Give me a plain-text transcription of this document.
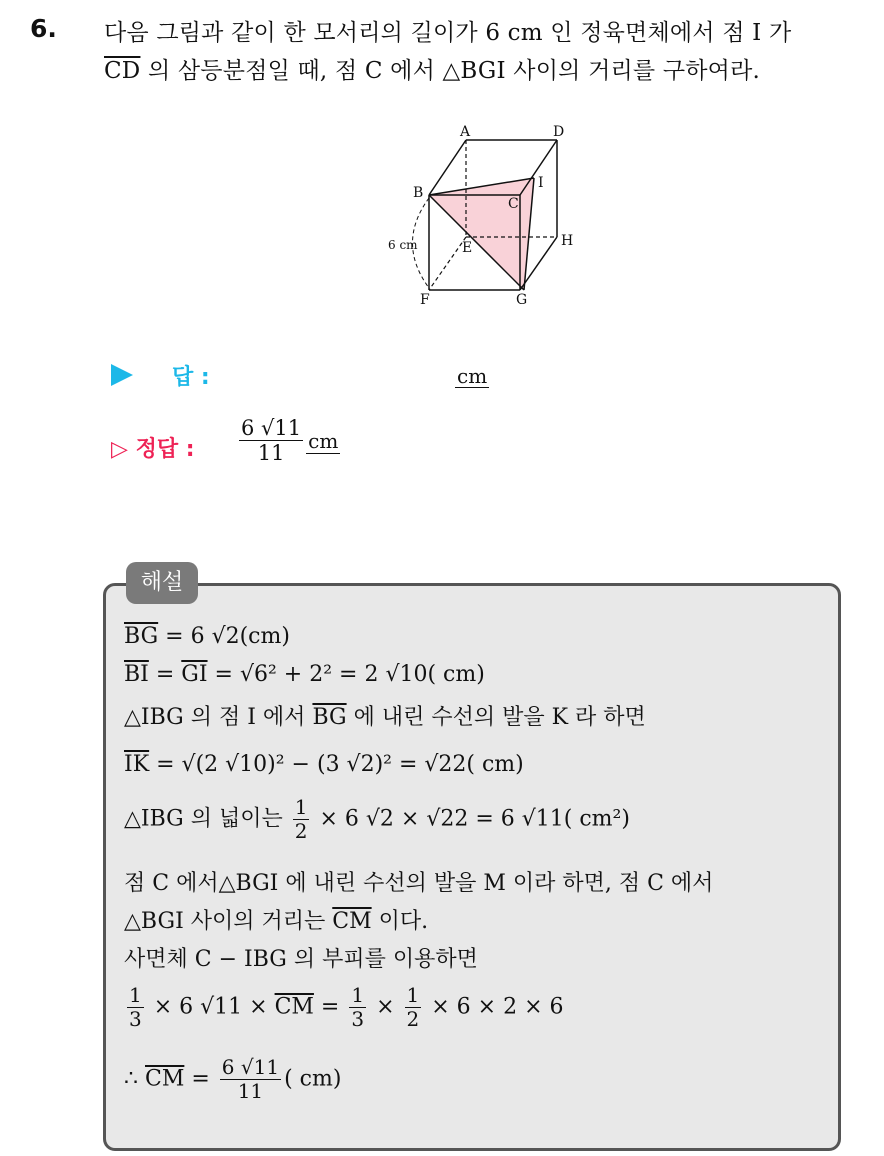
6. 다음 그림과 같이 한 모서리의 길이가 6 cm 인 정육면체에서 점 I 가
$\overline{CD}$ 의 삼등분점일 때, 점 C 에서 △BGI 사이의 거리를 구하여라.
A	D
B
I
C
E	H
F	G
6 cm
답 :	cm
▷ 정답 : $\frac{6 √11}{11}$ cm
해설
$\overline{BG} = 6$ √2(cm)
$\overline{BI} = \overline{GI} = √6^2 + 2^2 = 2$ √10( cm)
△IBG 의 점 I 에서 $\overline{BG}$ 에 내린 수선의 발을 K 라 하면
$\overline{IK} = √(2$ √10)² − (3 √2)² = √22( cm)
△IBG 의 넓이는 $\frac{1}{2} \times 6$ √2 × √22 = 6 √11( cm²)
점 C 에서△BGI 에 내린 수선의 발을 M 이라 하면, 점 C 에서
△BGI 사이의 거리는 $\overline{CM}$ 이다.
사면체 C − IBG 의 부피를 이용하면
$\frac{1}{3} \times 6$ $√11 \times \overline{CM} = \frac{1}{3} \times \frac{1}{2} \times 6 \times 2 \times 6$
∴ $\overline{CM} = \frac{6 √11}{11}$ ( cm)
